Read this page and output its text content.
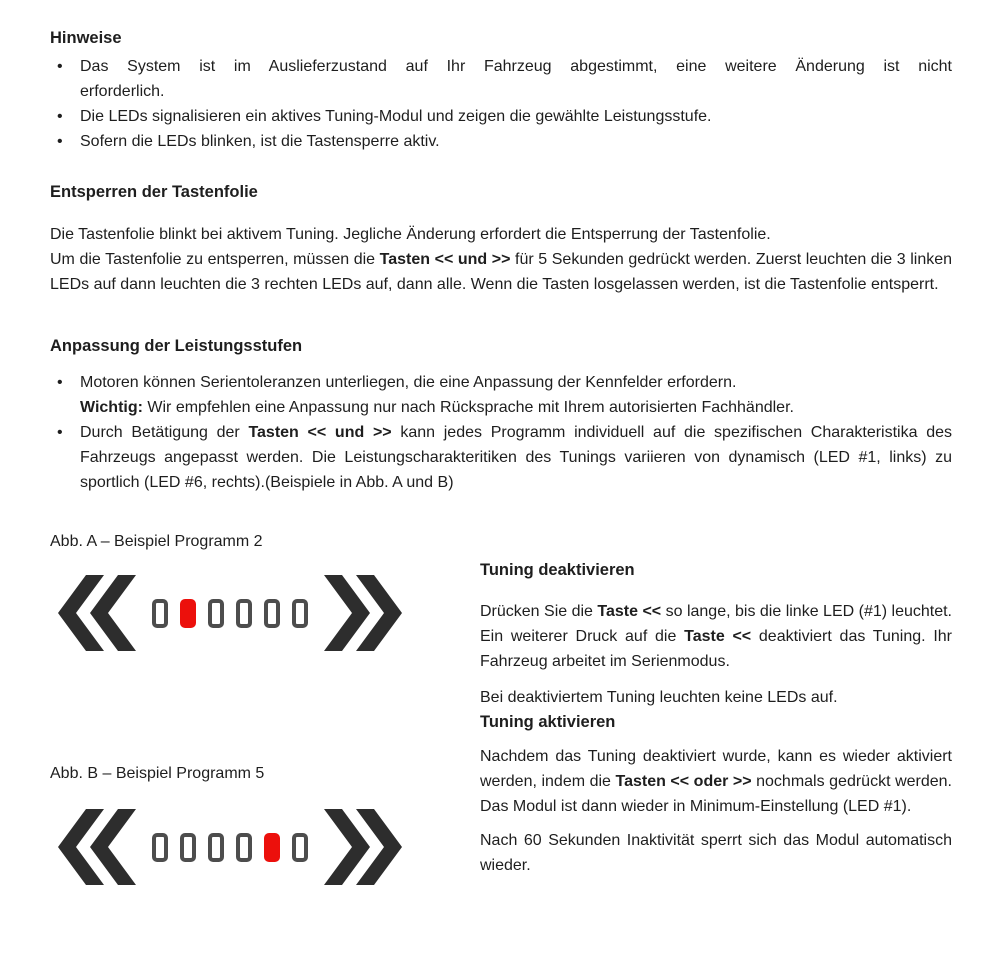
Hinweise

• Das System ist im Auslieferzustand auf Ihr Fahrzeug abgestimmt, eine weitere Änderung ist nicht
erforderlich.
• Die LEDs signalisieren ein aktives Tuning-Modul und zeigen die gewählte Leistungsstufe.
• Sofern die LEDs blinken, ist die Tastensperre aktiv.

Entsperren der Tastenfolie

Die Tastenfolie blinkt bei aktivem Tuning. Jegliche Änderung erfordert die Entsperrung der Tastenfolie.

Um die Tastenfolie zu entsperren, müssen die Tasten << und >> für 5 Sekunden gedrückt werden. Zuerst leuchten die 3 linken LEDs auf dann leuchten die 3 rechten LEDs auf, dann alle. Wenn die Tasten losgelassen werden, ist die Tastenfolie entsperrt.

Anpassung der Leistungsstufen

• Motoren können Serientoleranzen unterliegen, die eine Anpassung der Kennfelder erfordern.
Wichtig: Wir empfehlen eine Anpassung nur nach Rücksprache mit Ihrem autorisierten Fachhändler.
• Durch Betätigung der Tasten << und >> kann jedes Programm individuell auf die spezifischen Charakteristika des Fahrzeugs angepasst werden. Die Leistungscharakteritiken des Tunings variieren von dynamisch (LED #1, links) zu sportlich (LED #6, rechts).(Beispiele in Abb. A und B)

Abb. A – Beispiel Programm 2

Abb. B – Beispiel Programm 5

Tuning deaktivieren

Drücken Sie die Taste << so lange, bis die linke LED (#1) leuchtet. Ein weiterer Druck auf die Taste << deaktiviert das Tuning. Ihr Fahrzeug arbeitet im Serienmodus.

Bei deaktiviertem Tuning leuchten keine LEDs auf.

Tuning aktivieren

Nachdem das Tuning deaktiviert wurde, kann es wieder aktiviert werden, indem die Tasten << oder >> nochmals gedrückt werden. Das Modul ist dann wieder in Minimum-Einstellung (LED #1).

Nach 60 Sekunden Inaktivität sperrt sich das Modul automatisch wieder.
